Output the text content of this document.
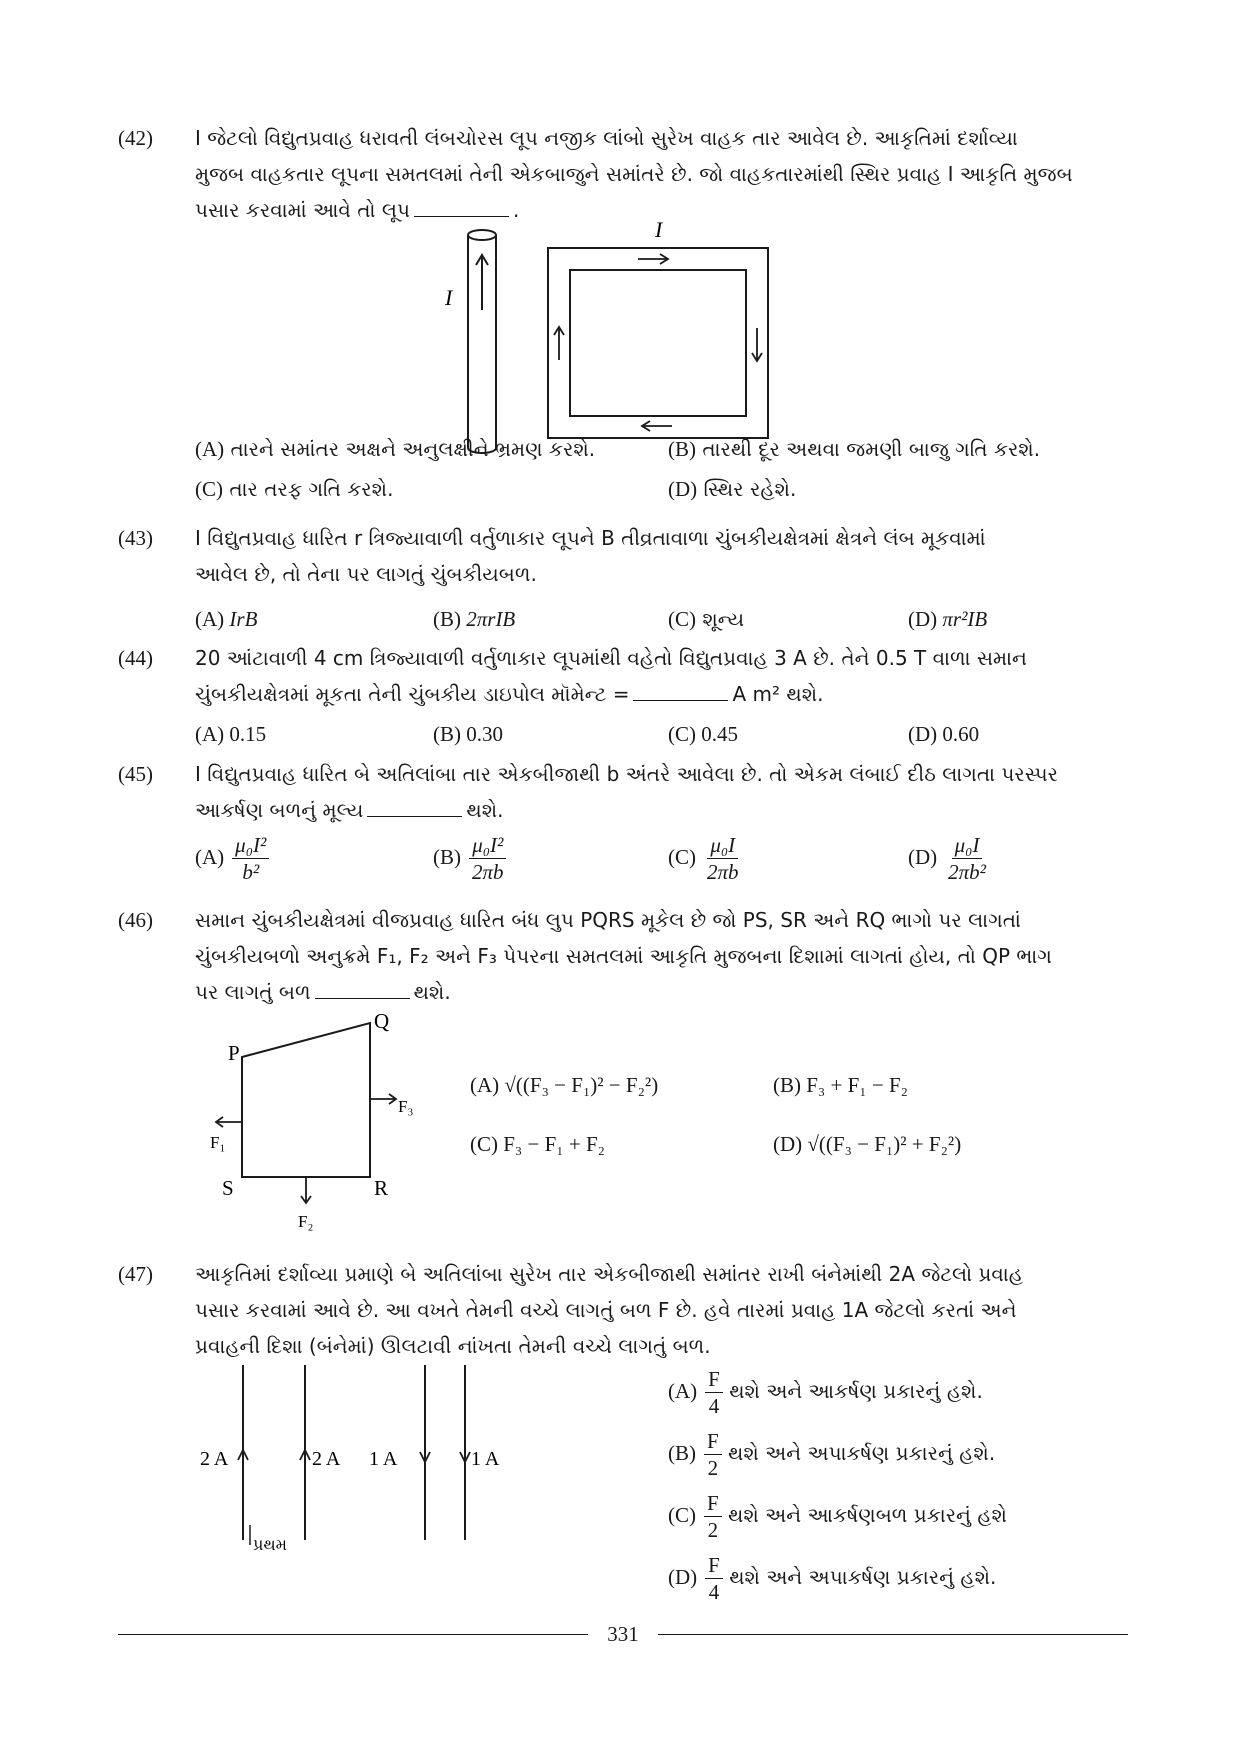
(42) I જેટલો વિદ્યુતપ્રવાહ ધરાવતી લંબચોરસ લૂપ નજીક લાંબો સુરેખ વાહક તાર આવેલ છે. આકૃતિમાં દર્શાવ્યા
મુજબ વાહકતાર લૂપના સમતલમાં તેની એકબાજુને સમાંતરે છે. જો વાહકતારમાંથી સ્થિર પ્રવાહ I આકૃતિ મુજબ
પસાર કરવામાં આવે તો લૂપ	.
I
I
(A) તારને સમાંતર અક્ષને અનુલક્ષીને ભ્રમણ કરશે.	(B) તારથી દૂર અથવા જમણી બાજુ ગતિ કરશે.
(C) તાર તરફ ગતિ કરશે.	(D) સ્થિર રહેશે.
(43) I વિદ્યુતપ્રવાહ ધારિત r ત્રિજ્યાવાળી વર્તુળાકાર લૂપને B તીવ્રતાવાળા ચુંબકીયક્ષેત્રમાં ક્ષેત્રને લંબ મૂકવામાં
આવેલ છે, તો તેના પર લાગતું ચુંબકીયબળ.
(A) IrB	(B) 2πrIB	(C) શૂન્ય	(D) πr²IB
(44) 20 આંટાવાળી 4 cm ત્રિજ્યાવાળી વર્તુળાકાર લૂપમાંથી વહેતો વિદ્યુતપ્રવાહ 3 A છે. તેને 0.5 T વાળા સમાન
ચુંબકીયક્ષેત્રમાં મૂકતા તેની ચુંબકીય ડાઇપોલ મૉમેન્ટ =	A m² થશે.
(A) 0.15	(B) 0.30	(C) 0.45	(D) 0.60
(45) I વિદ્યુતપ્રવાહ ધારિત બે અતિલાંબા તાર એકબીજાથી b અંતરે આવેલા છે. તો એકમ લંબાઈ દીઠ લાગતા પરસ્પર
આકર્ષણ બળનું મૂલ્ય	થશે.
$(A) \frac{\text{μ₀I²}}{\text{b²}}$	$(B) \frac{\text{μ₀I²}}{2\pi b}$	$(C) \frac{\text{μ₀I}}{2\pi b}$	$(D) \frac{\text{μ₀I}}{\text{2πb²}}$
(46) સમાન ચુંબકીયક્ષેત્રમાં વીજપ્રવાહ ધારિત બંધ લુપ PQRS મૂકેલ છે જો PS, SR અને RQ ભાગો પર લાગતાં
ચુંબકીયબળો અનુક્રમે F₁, F₂ અને F₃ પેપરના સમતલમાં આકૃતિ મુજબના દિશામાં લાગતાં હોય, તો QP ભાગ
પર લાગતું બળ	થશે.
P
Q
R
S
F₃
F₁
F₂
(A) √((F₃ − F₁)² − F₂²)	(B) F₃ + F₁ − F₂
(C) F₃ − F₁ + F₂	(D) √((F₃ − F₁)² + F₂²)
(47) આકૃતિમાં દર્શાવ્યા પ્રમાણે બે અતિલાંબા સુરેખ તાર એકબીજાથી સમાંતર રાખી બંનેમાંથી 2A જેટલો પ્રવાહ
પસાર કરવામાં આવે છે. આ વખતે તેમની વચ્ચે લાગતું બળ F છે. હવે તારમાં પ્રવાહ 1A જેટલો કરતાં અને
પ્રવાહની દિશા (બંનેમાં) ઊલટાવી નાંખતા તેમની વચ્ચે લાગતું બળ.
2 A	2 A 1 A	1 A
પ્રથમ
$(A) \frac{F}{4}$ થશે અને આકર્ષણ પ્રકારનું હશે.
$(B) \frac{F}{2}$ થશે અને અપાકર્ષણ પ્રકારનું હશે.
$(C) \frac{F}{2}$ થશે અને આકર્ષણબળ પ્રકારનું હશે
$(D) \frac{F}{4}$ થશે અને અપાકર્ષણ પ્રકારનું હશે.
331
